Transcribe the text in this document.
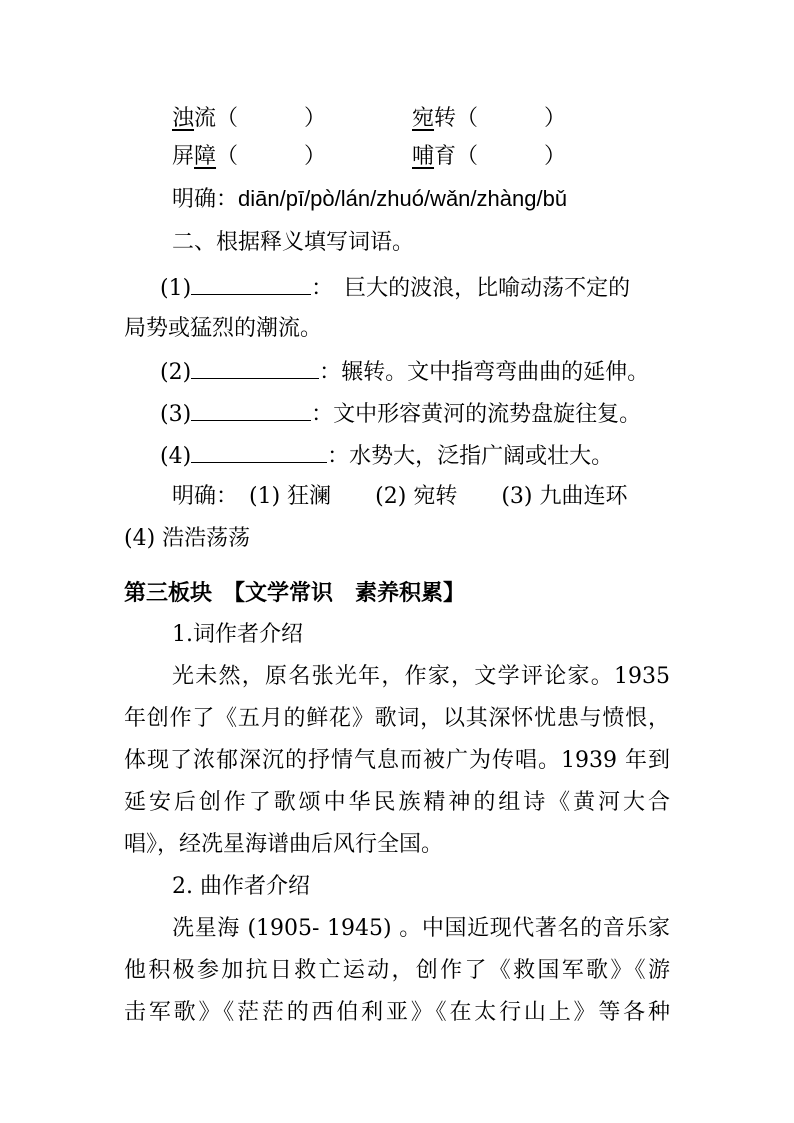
浊流（　　　）	宛转（　　　）
屏障（　　　）	哺育（　　　）
明确：diān/pī/pò/lán/zhuó/wǎn/zhànɡ/bǔ
二、根据释义填写词语。
(1)	：　巨大的波浪，比喻动荡不定的
局势或猛烈的潮流。
(2)	：辗转。文中指弯弯曲曲的延伸。
(3)	：文中形容黄河的流势盘旋往复。
(4)	：水势大，泛指广阔或壮大。
明确：　(1) 狂澜　　(2) 宛转　　(3) 九曲连环
(4) 浩浩荡荡
第三板块　【文学常识　素养积累】
1.词作者介绍
光未然，原名张光年，作家，文学评论家。1935
年创作了《五月的鲜花》歌词，以其深怀忧患与愤恨，
体现了浓郁深沉的抒情气息而被广为传唱。1939 年到
延安后创作了歌颂中华民族精神的组诗《黄河大合
唱》，经冼星海谱曲后风行全国。
2. 曲作者介绍
冼星海 (1905- 1945) 。中国近现代著名的音乐家
他积极参加抗日救亡运动，创作了《救国军歌》《游
击军歌》《茫茫的西伯利亚》《在太行山上》等各种
